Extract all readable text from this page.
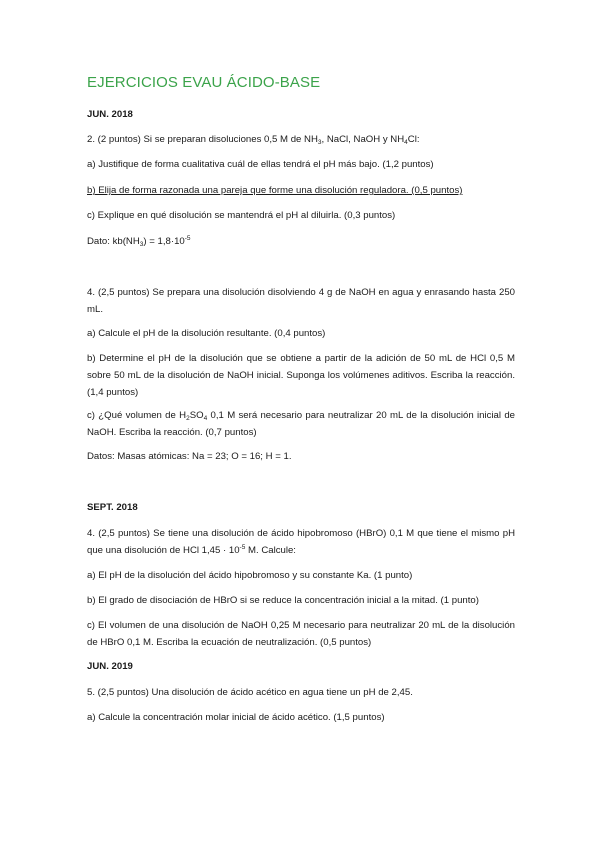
EJERCICIOS EVAU ÁCIDO-BASE

JUN. 2018

2. (2 puntos) Si se preparan disoluciones 0,5 M de $NH_3$, NaCl, NaOH y $NH_4Cl$:

a) Justifique de forma cualitativa cuál de ellas tendrá el pH más bajo. (1,2 puntos)

b) Elija de forma razonada una pareja que forme una disolución reguladora. (0,5 puntos)

c) Explique en qué disolución se mantendrá el pH al diluirla. (0,3 puntos)

Dato: $kb(NH_3) = 1,8\cdot 10^{-5}$

4. (2,5 puntos) Se prepara una disolución disolviendo 4 g de NaOH en agua y enrasando hasta 250 mL.

a) Calcule el pH de la disolución resultante. (0,4 puntos)

b) Determine el pH de la disolución que se obtiene a partir de la adición de 50 mL de HCl 0,5 M sobre 50 mL de la disolución de NaOH inicial. Suponga los volúmenes aditivos. Escriba la reacción. (1,4 puntos)

c) ¿Qué volumen de $H_2SO_4$ 0,1 M será necesario para neutralizar 20 mL de la disolución inicial de NaOH. Escriba la reacción. (0,7 puntos)

Datos: Masas atómicas: Na = 23; O = 16; H = 1.

SEPT. 2018

4. (2,5 puntos) Se tiene una disolución de ácido hipobromoso (HBrO) 0,1 M que tiene el mismo pH que una disolución de HCl $1,45 \cdot 10^{-5}$ M. Calcule:

a) El pH de la disolución del ácido hipobromoso y su constante Ka. (1 punto)

b) El grado de disociación de HBrO si se reduce la concentración inicial a la mitad. (1 punto)

c) El volumen de una disolución de NaOH 0,25 M necesario para neutralizar 20 mL de la disolución de HBrO 0,1 M. Escriba la ecuación de neutralización. (0,5 puntos)

JUN. 2019

5. (2,5 puntos) Una disolución de ácido acético en agua tiene un pH de 2,45.

a) Calcule la concentración molar inicial de ácido acético. (1,5 puntos)
